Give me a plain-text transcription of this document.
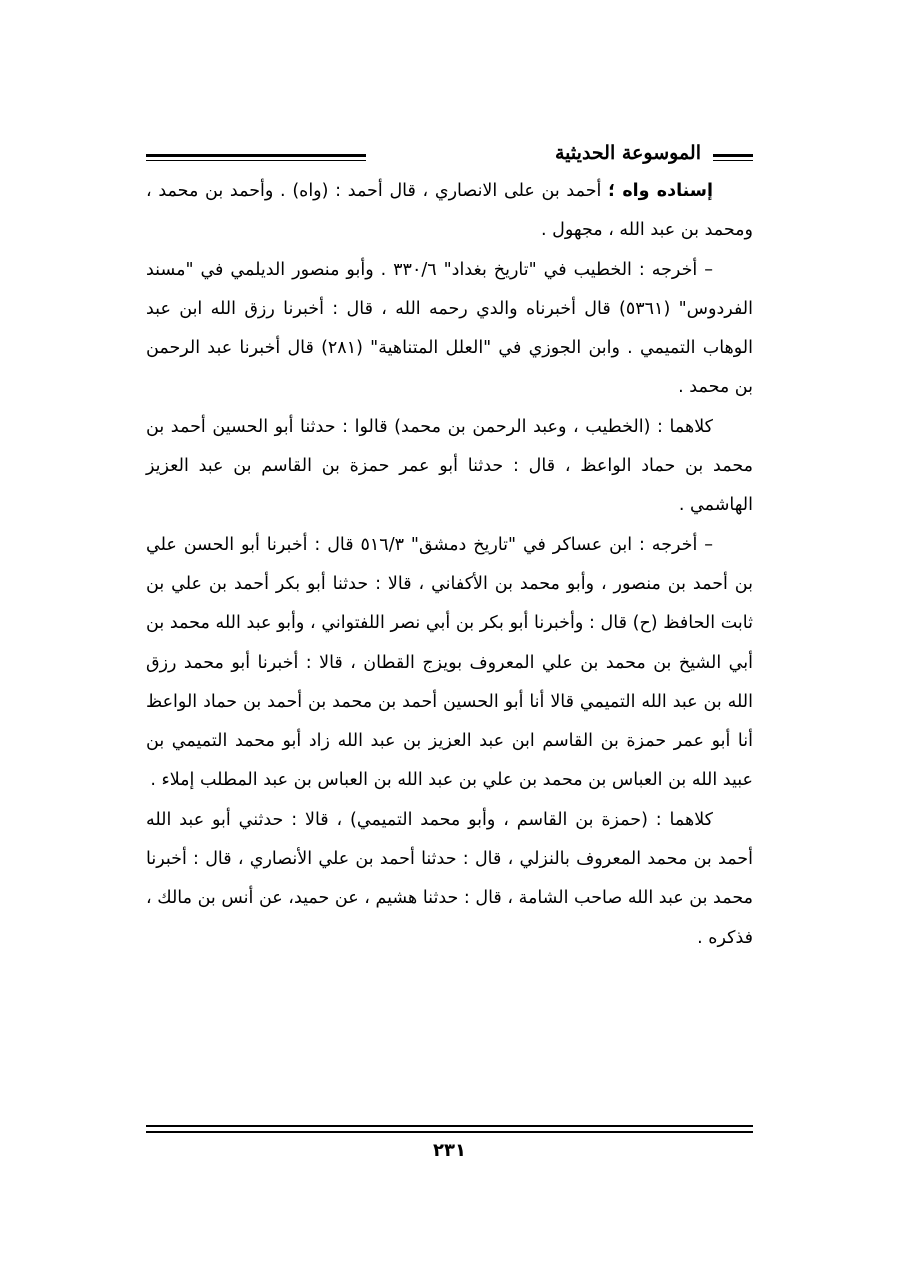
الموسوعة الحديثية

إسناده واه ؛ أحمد بن على الانصاري ، قال أحمد : (واه) . وأحمد بن محمد ، ومحمد بن عبد الله ، مجهول .

– أخرجه : الخطيب في "تاريخ بغداد" ٣٣٠/٦ . وأبو منصور الديلمي في "مسند الفردوس" (٥٣٦١) قال أخبرناه والدي رحمه الله ، قال : أخبرنا رزق الله ابن عبد الوهاب التميمي . وابن الجوزي في "العلل المتناهية" (٢٨١) قال أخبرنا عبد الرحمن بن محمد .

كلاهما : (الخطيب ، وعبد الرحمن بن محمد) قالوا : حدثنا أبو الحسين أحمد بن محمد بن حماد الواعظ ، قال : حدثنا أبو عمر حمزة بن القاسم بن عبد العزيز الهاشمي .

– أخرجه : ابن عساكر في "تاريخ دمشق" ٥١٦/٣ قال : أخبرنا أبو الحسن علي بن أحمد بن منصور ، وأبو محمد بن الأكفاني ، قالا : حدثنا أبو بكر أحمد بن علي بن ثابت الحافظ (ح) قال : وأخبرنا أبو بكر بن أبي نصر اللفتواني ، وأبو عبد الله محمد بن أبي الشيخ بن محمد بن علي المعروف بويزج القطان ، قالا : أخبرنا أبو محمد رزق الله بن عبد الله التميمي قالا أنا أبو الحسين أحمد بن محمد بن أحمد بن حماد الواعظ أنا أبو عمر حمزة بن القاسم ابن عبد العزيز بن عبد الله زاد أبو محمد التميمي بن عبيد الله بن العباس بن محمد بن علي بن عبد الله بن العباس بن عبد المطلب إملاء .

كلاهما : (حمزة بن القاسم ، وأبو محمد التميمي) ، قالا : حدثني أبو عبد الله أحمد بن محمد المعروف بالنزلي ، قال : حدثنا أحمد بن علي الأنصاري ، قال : أخبرنا محمد بن عبد الله صاحب الشامة ، قال : حدثنا هشيم ، عن حميد، عن أنس بن مالك ، فذكره .

٢٣١
